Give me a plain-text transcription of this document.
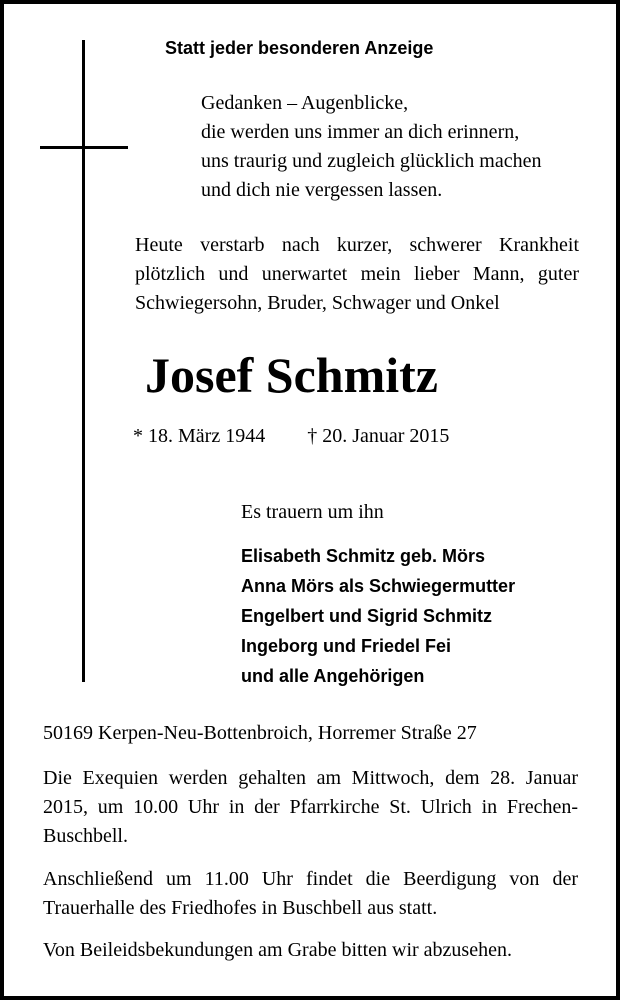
Statt jeder besonderen Anzeige
Gedanken – Augenblicke,
die werden uns immer an dich erinnern,
uns traurig und zugleich glücklich machen
und dich nie vergessen lassen.
Heute verstarb nach kurzer, schwerer Krankheit
plötzlich und unerwartet mein lieber Mann, guter
Schwiegersohn, Bruder, Schwager und Onkel
Josef Schmitz
* 18. März 1944 † 20. Januar 2015
Es trauern um ihn
Elisabeth Schmitz geb. Mörs
Anna Mörs als Schwiegermutter
Engelbert und Sigrid Schmitz
Ingeborg und Friedel Fei
und alle Angehörigen
50169 Kerpen-Neu-Bottenbroich, Horremer Straße 27
Die Exequien werden gehalten am Mittwoch, dem 28. Januar
2015, um 10.00 Uhr in der Pfarrkirche St. Ulrich in Frechen-
Buschbell.
Anschließend um 11.00 Uhr findet die Beerdigung von der
Trauerhalle des Friedhofes in Buschbell aus statt.
Von Beileidsbekundungen am Grabe bitten wir abzusehen.
